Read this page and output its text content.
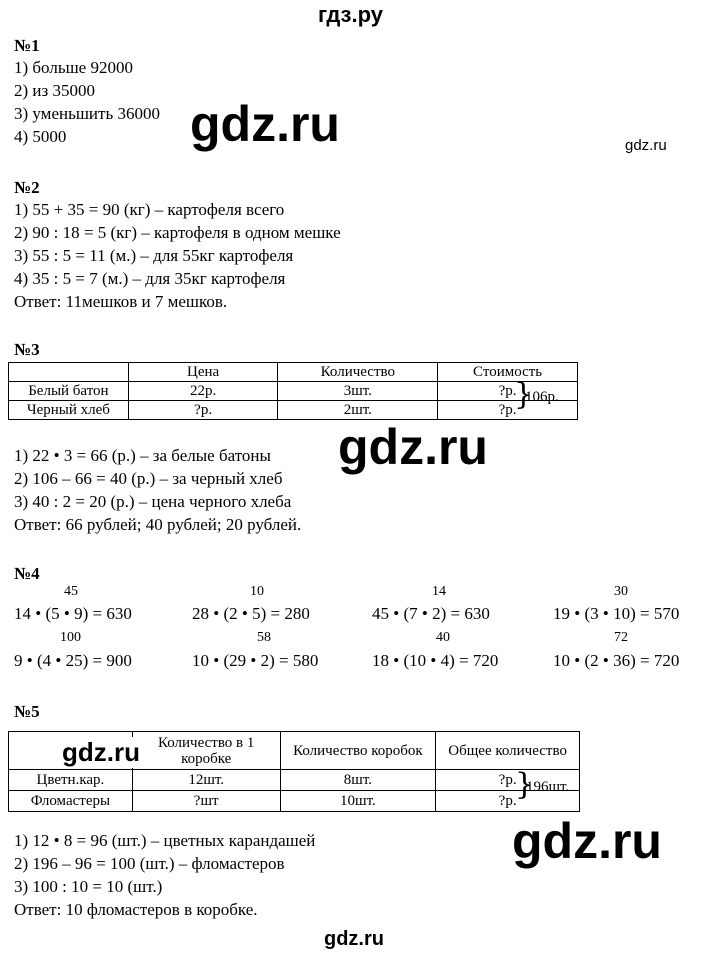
гдз.ру
№1
1) больше 92000
2) из 35000
3) уменьшить 36000
4) 5000 gdz.ru	gdz.ru
№2
1) 55 + 35 = 90 (кг) – картофеля всего
2) 90 : 18 = 5 (кг) – картофеля в одном мешке
3) 55 : 5 = 11 (м.) – для 55кг картофеля
4) 35 : 5 = 7 (м.) – для 35кг картофеля
Ответ: 11мешков и 7 мешков.
№3
	Цена	Количество	Стоимость
Белый батон	22р.	3шт.	?р.
Черный хлеб	?р.	2шт.	?р.
}
106р.
gdz.ru
1) 22 • 3 = 66 (р.) – за белые батоны
2) 106 – 66 = 40 (р.) – за черный хлеб
3) 40 : 2 = 20 (р.) – цена черного хлеба
Ответ: 66 рублей; 40 рублей; 20 рублей.
№4
45	10	14	30
14 • (5 • 9) = 630	28 • (2 • 5) = 280	45 • (7 • 2) = 630	19 • (3 • 10) = 570
100	58	40	72
9 • (4 • 25) = 900	10 • (29 • 2) = 580	18 • (10 • 4) = 720	10 • (2 • 36) = 720
№5
	Количество в 1 коробке	Количество коробок	Общее количество
Цветн.кар.	12шт.	8шт.	?р.
Фломастеры	?шт	10шт.	?р.
gdz.ru
}
196шт.
1) 12 • 8 = 96 (шт.) – цветных карандашей
2) 196 – 96 = 100 (шт.) – фломастеров
3) 100 : 10 = 10 (шт.)
Ответ: 10 фломастеров в коробке.
gdz.ru
gdz.ru
